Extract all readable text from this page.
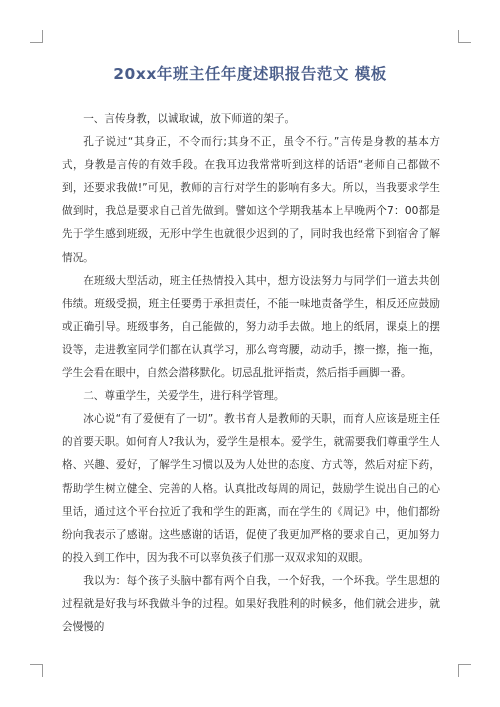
20xx年班主任年度述职报告范文 模板

一、言传身教，以诚取诚，放下师道的架子。

孔子说过“其身正，不令而行;其身不正，虽令不行。”言传是身教的基本方式，身教是言传的有效手段。在我耳边我常常听到这样的话语“老师自己都做不到，还要求我做!”可见，教师的言行对学生的影响有多大。所以，当我要求学生做到时，我总是要求自己首先做到。譬如这个学期我基本上早晚两个7：00都是先于学生感到班级，无形中学生也就很少迟到的了，同时我也经常下到宿舍了解情况。

在班级大型活动，班主任热情投入其中，想方设法努力与同学们一道去共创伟绩。班级受损，班主任要勇于承担责任，不能一味地责备学生，相反还应鼓励或正确引导。班级事务，自己能做的，努力动手去做。地上的纸屑，课桌上的摆设等，走进教室同学们都在认真学习，那么弯弯腰，动动手，擦一擦，拖一拖，学生会看在眼中，自然会潜移默化。切忌乱批评指责，然后指手画脚一番。

二、尊重学生，关爱学生，进行科学管理。

冰心说“有了爱便有了一切”。教书育人是教师的天职，而育人应该是班主任的首要天职。如何育人?我认为，爱学生是根本。爱学生，就需要我们尊重学生人格、兴趣、爱好，了解学生习惯以及为人处世的态度、方式等，然后对症下药，帮助学生树立健全、完善的人格。认真批改每周的周记，鼓励学生说出自己的心里话，通过这个平台拉近了我和学生的距离，而在学生的《周记》中，他们都纷纷向我表示了感谢。这些感谢的话语，促使了我更加严格的要求自己，更加努力的投入到工作中，因为我不可以辜负孩子们那一双双求知的双眼。

我以为：每个孩子头脑中都有两个自我，一个好我，一个坏我。学生思想的过程就是好我与坏我做斗争的过程。如果好我胜利的时候多，他们就会进步，就会慢慢的
